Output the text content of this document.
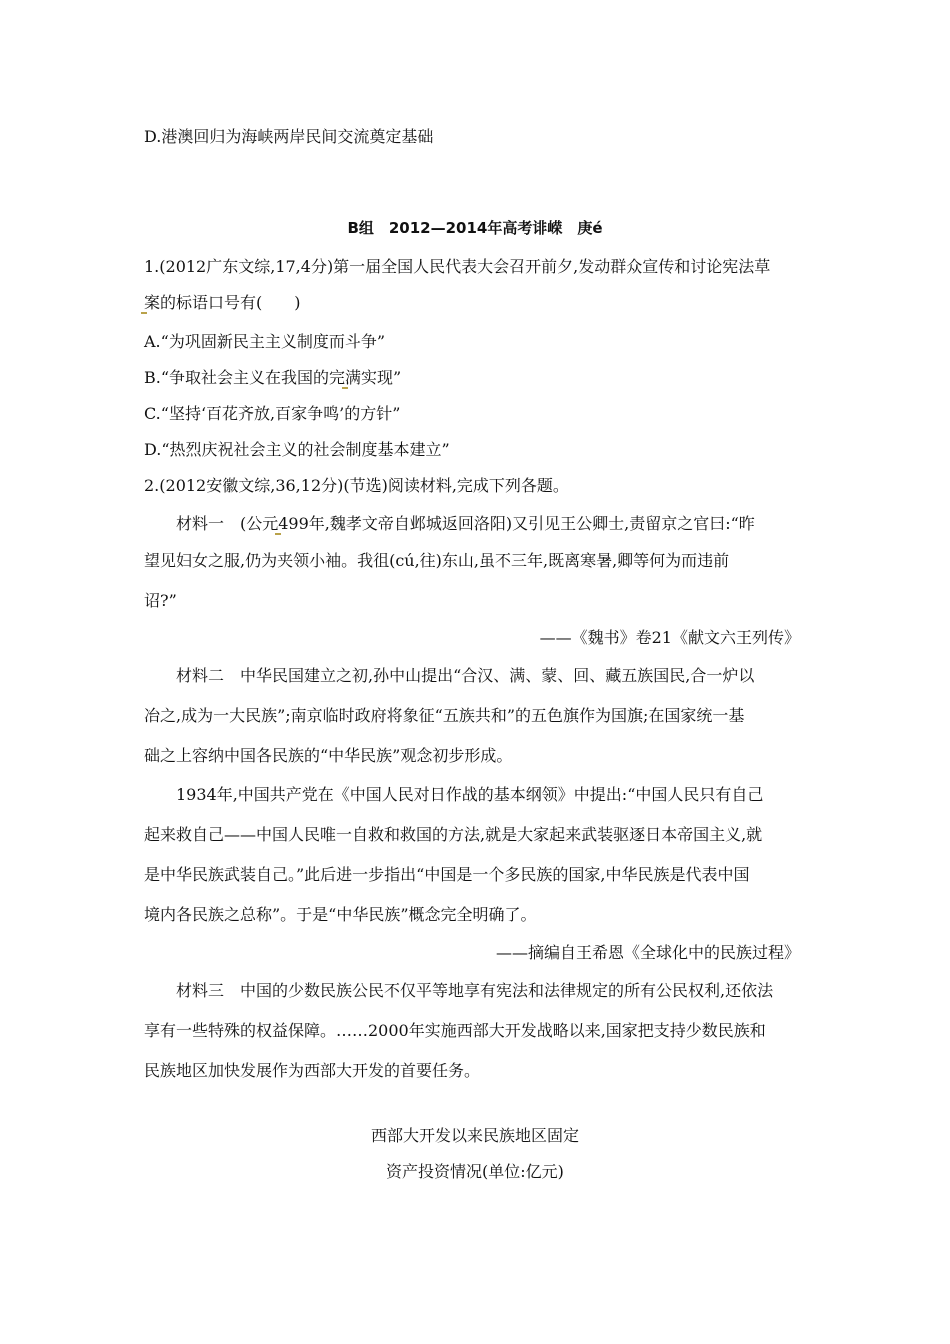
D.港澳回归为海峡两岸民间交流奠定基础
B组　2012—2014年高考诽嵘　庚é
1.(2012广东文综,17,4分)第一届全国人民代表大会召开前夕,发动群众宣传和讨论宪法草
案的标语口号有(　　)
A.“为巩固新民主主义制度而斗争”
B.“争取社会主义在我国的完满实现”
C.“坚持‘百花齐放,百家争鸣’的方针”
D.“热烈庆祝社会主义的社会制度基本建立”
2.(2012安徽文综,36,12分)(节选)阅读材料,完成下列各题。
材料一　(公元499年,魏孝文帝自邺城返回洛阳)又引见王公卿士,责留京之官曰:“昨
望见妇女之服,仍为夹领小袖。我徂(cú,往)东山,虽不三年,既离寒暑,卿等何为而违前
诏?”
——《魏书》卷21《献文六王列传》
材料二　中华民国建立之初,孙中山提出“合汉、满、蒙、回、藏五族国民,合一炉以
冶之,成为一大民族”;南京临时政府将象征“五族共和”的五色旗作为国旗;在国家统一基
础之上容纳中国各民族的“中华民族”观念初步形成。
1934年,中国共产党在《中国人民对日作战的基本纲领》中提出:“中国人民只有自己
起来救自己——中国人民唯一自救和救国的方法,就是大家起来武装驱逐日本帝国主义,就
是中华民族武装自己。”此后进一步指出“中国是一个多民族的国家,中华民族是代表中国
境内各民族之总称”。于是“中华民族”概念完全明确了。
——摘编自王希恩《全球化中的民族过程》
材料三　中国的少数民族公民不仅平等地享有宪法和法律规定的所有公民权利,还依法
享有一些特殊的权益保障。……2000年实施西部大开发战略以来,国家把支持少数民族和
民族地区加快发展作为西部大开发的首要任务。
西部大开发以来民族地区固定
资产投资情况(单位:亿元)
